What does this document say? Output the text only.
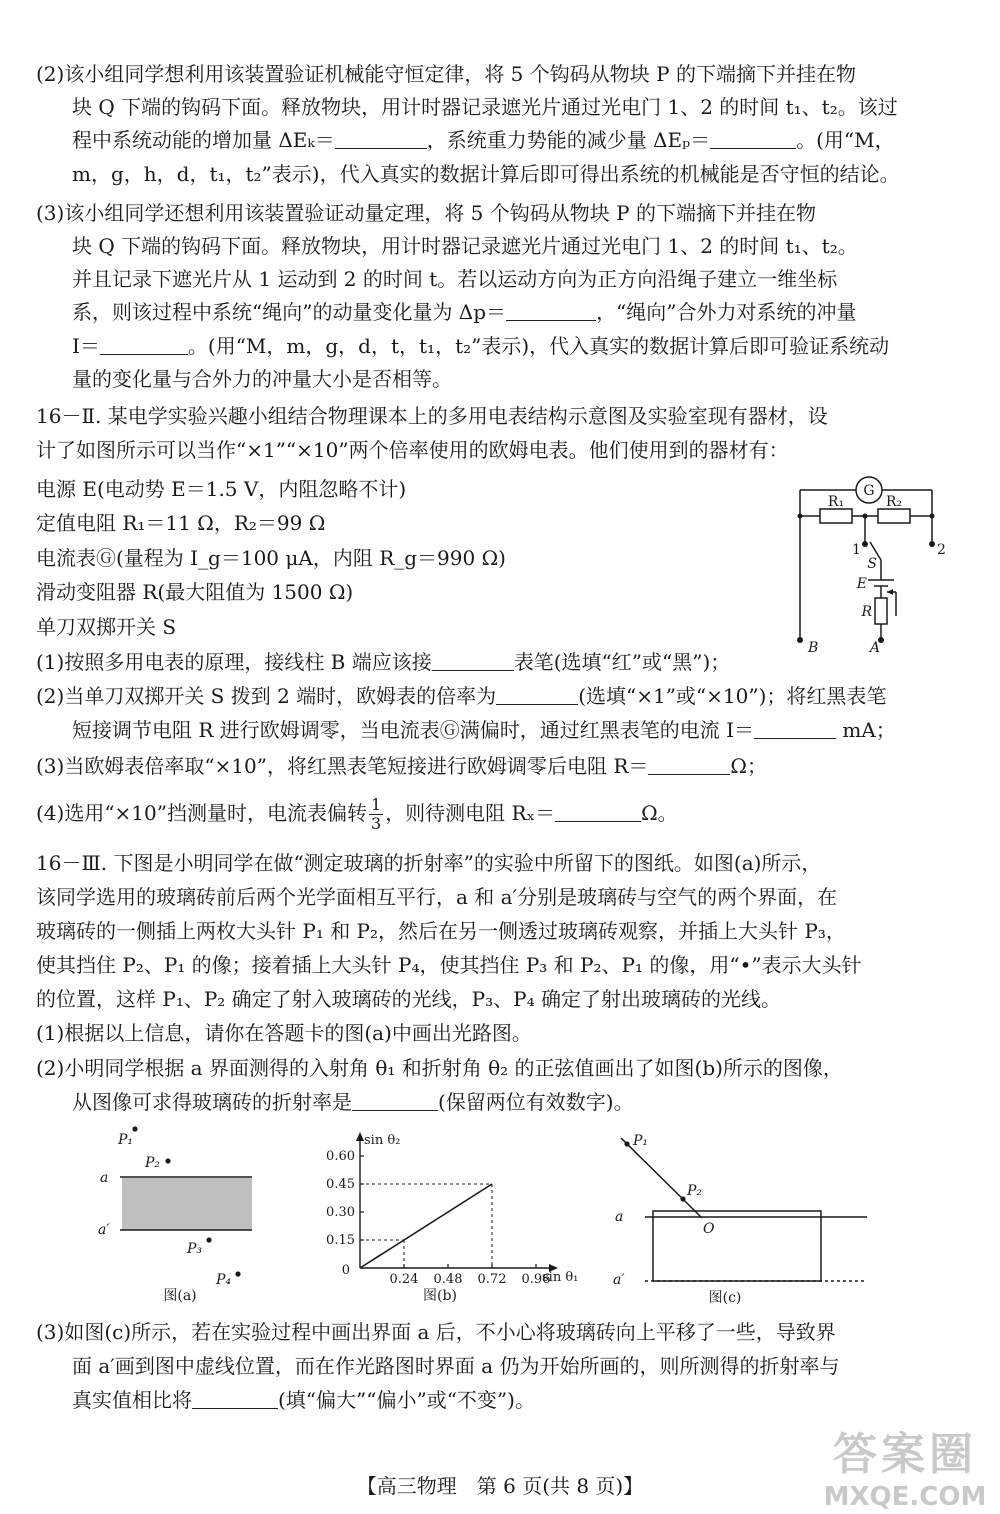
(2)该小组同学想利用该装置验证机械能守恒定律，将 5 个钩码从物块 P 的下端摘下并挂在物
块 Q 下端的钩码下面。释放物块，用计时器记录遮光片通过光电门 1、2 的时间 t₁、t₂。该过
程中系统动能的增加量 ΔEₖ＝	，系统重力势能的减少量 ΔEₚ＝	。(用“M，
m，g，h，d，t₁，t₂”表示)，代入真实的数据计算后即可得出系统的机械能是否守恒的结论。
(3)该小组同学还想利用该装置验证动量定理，将 5 个钩码从物块 P 的下端摘下并挂在物
块 Q 下端的钩码下面。释放物块，用计时器记录遮光片通过光电门 1、2 的时间 t₁、t₂。
并且记录下遮光片从 1 运动到 2 的时间 t。若以运动方向为正方向沿绳子建立一维坐标
系，则该过程中系统“绳向”的动量变化量为 Δp＝	，“绳向”合外力对系统的冲量
I＝	。(用“M，m，g，d，t，t₁，t₂”表示)，代入真实的数据计算后即可验证系统动
量的变化量与合外力的冲量大小是否相等。
16－Ⅱ. 某电学实验兴趣小组结合物理课本上的多用电表结构示意图及实验室现有器材，设
计了如图所示可以当作“×1”“×10”两个倍率使用的欧姆电表。他们使用到的器材有：
电源 E(电动势 E＝1.5 V，内阻忽略不计)
定值电阻 R₁＝11 Ω，R₂＝99 Ω
电流表Ⓖ(量程为 I_g＝100 μA，内阻 R_g＝990 Ω)
滑动变阻器 R(最大阻值为 1500 Ω)
单刀双掷开关 S
(1)按照多用电表的原理，接线柱 B 端应该接	表笔(选填“红”或“黑”)；
(2)当单刀双掷开关 S 拨到 2 端时，欧姆表的倍率为	(选填“×1”或“×10”)；将红黑表笔
短接调节电阻 R 进行欧姆调零，当电流表Ⓖ满偏时，通过红黑表笔的电流 I＝	mA；
(3)当欧姆表倍率取“×10”，将红黑表笔短接进行欧姆调零后电阻 R＝	Ω；
(4)选用“×10”挡测量时，电流表偏转 $\frac{1}{3}$ ，则待测电阻 Rₓ＝	Ω。
G
R₁	R₂
1	2
S
E
R
B	A
16－Ⅲ. 下图是小明同学在做“测定玻璃的折射率”的实验中所留下的图纸。如图(a)所示，
该同学选用的玻璃砖前后两个光学面相互平行，a 和 a′分别是玻璃砖与空气的两个界面，在
玻璃砖的一侧插上两枚大头针 P₁ 和 P₂，然后在另一侧透过玻璃砖观察，并插上大头针 P₃，
使其挡住 P₂、P₁ 的像；接着插上大头针 P₄，使其挡住 P₃ 和 P₂、P₁ 的像，用“•”表示大头针
的位置，这样 P₁、P₂ 确定了射入玻璃砖的光线，P₃、P₄ 确定了射出玻璃砖的光线。
(1)根据以上信息，请你在答题卡的图(a)中画出光路图。
(2)小明同学根据 a 界面测得的入射角 θ₁ 和折射角 θ₂ 的正弦值画出了如图(b)所示的图像，
从图像可求得玻璃砖的折射率是	(保留两位有效数字)。
P₁
P₂
P₃
P₄
a
a′
图(a)
sin θ₂
sin θ₁
0
0.24 0.48 0.72 0.96
0.15
0.30
0.45
0.60
图(b)
P₁
P₂
O
a
a′
图(c)
(3)如图(c)所示，若在实验过程中画出界面 a 后，不小心将玻璃砖向上平移了一些，导致界
面 a′画到图中虚线位置，而在作光路图时界面 a 仍为开始所画的，则所测得的折射率与
真实值相比将	(填“偏大”“偏小”或“不变”)。
【高三物理　第 6 页(共 8 页)】
答案圈
MXQE.COM
